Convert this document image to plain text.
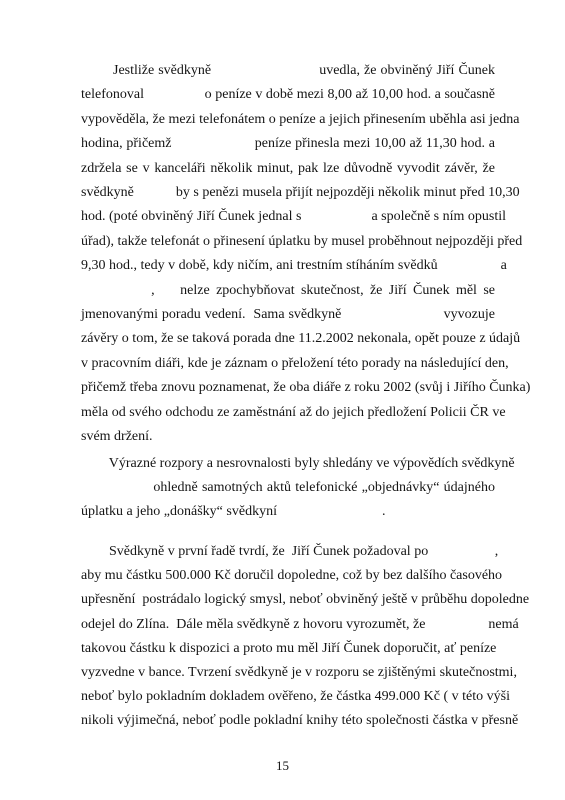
Jestliže svědkyně                           uvedla, že obviněný Jiří Čunek
telefonoval                 o peníze v době mezi 8,00 až 10,00 hod. a současně
vypověděla, že mezi telefonátem o peníze a jejich přinesením uběhla asi jedna
hodina, přičemž                      peníze přinesla mezi 10,00 až 11,30 hod. a
zdržela se v kanceláři několik minut, pak lze důvodně vyvodit závěr, že
svědkyně            by s penězi musela přijít nejpozději několik minut před 10,30
hod. (poté obviněný Jiří Čunek jednal s                    a společně s ním opustil
úřad), takže telefonát o přinesení úplatku by musel proběhnout nejpozději před
9,30 hod., tedy v době, kdy ničím, ani trestním stíháním svědků                  a
,    nelze zpochybňovat skutečnost, že Jiří Čunek měl se
jmenovanými poradu vedení.  Sama svědkyně                          vyvozuje
závěry o tom, že se taková porada dne 11.2.2002 nekonala, opět pouze z údajů
v pracovním diáři, kde je záznam o přeložení této porady na následující den,
přičemž třeba znovu poznamenat, že oba diáře z roku 2002 (svůj i Jiřího Čunka)
měla od svého odchodu ze zaměstnání až do jejich předložení Policii ČR ve
svém držení.
Výrazné rozpory a nesrovnalosti byly shledány ve výpovědích svědkyně
ohledně samotných aktů telefonické „objednávky“ údajného
úplatku a jeho „donášky“ svědkyní                              .
Svědkyně v první řadě tvrdí, že  Jiří Čunek požadoval po                   ,
aby mu částku 500.000 Kč doručil dopoledne, což by bez dalšího časového
upřesnění  postrádalo logický smysl, neboť obviněný ještě v průběhu dopoledne
odejel do Zlína.  Dále měla svědkyně z hovoru vyrozumět, že                  nemá
takovou částku k dispozici a proto mu měl Jiří Čunek doporučit, ať peníze
vyzvedne v bance. Tvrzení svědkyně je v rozporu se zjištěnými skutečnostmi,
neboť bylo pokladním dokladem ověřeno, že částka 499.000 Kč ( v této výši
nikoli výjimečná, neboť podle pokladní knihy této společnosti částka v přesně
15
